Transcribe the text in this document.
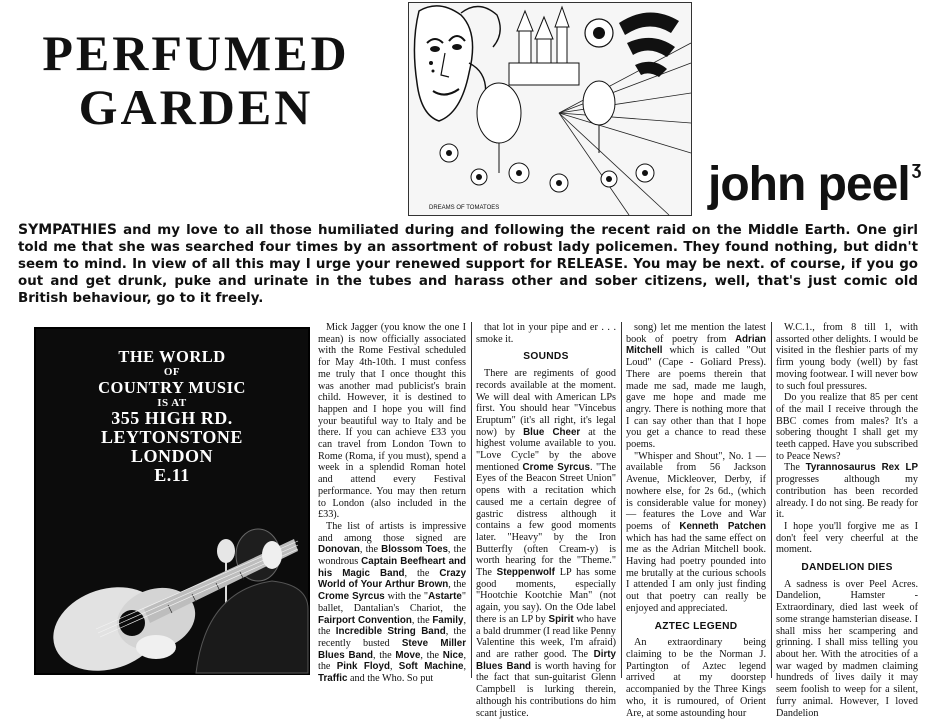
PERFUMED
GARDEN
DREAMS OF TOMATOES	john peel $^ʒ$
SYMPATHIES and my love to all those humiliated during and following the recent raid on the Middle Earth. One girl told me that she was searched four times by an assortment of robust lady policemen. They found nothing, but didn't seem to mind. In view of all this may I urge your renewed support for RELEASE. You may be next. of course, if you go out and get drunk, puke and urinate in the tubes and harass other and sober citizens, well, that's just comic old British behaviour, go to it freely.
THE WORLD
OF
COUNTRY MUSIC
IS AT
355 HIGH RD.
LEYTONSTONE
LONDON
E.11

Mick Jagger (you know the one I mean) is now officially associated with the Rome Festival scheduled for May 4th-10th. I must confess me truly that I once thought this was another mad publicist's brain child. However, it is destined to happen and I hope you will find your beautiful way to Italy and be there. If you can achieve £33 you can travel from London Town to Rome (Roma, if you must), spend a week in a splendid Roman hotel and attend every Festival performance. You may then return to London (also included in the £33).

The list of artists is impressive and among those signed are Donovan, the Blossom Toes, the wondrous Captain Beefheart and his Magic Band, the Crazy World of Your Arthur Brown, the Crome Syrcus with the "Astarte" ballet, Dantalian's Chariot, the Fairport Convention, the Family, the Incredible String Band, the recently busted Steve Miller Blues Band, the Move, the Nice, the Pink Floyd, Soft Machine, Traffic and the Who. So put

that lot in your pipe and er . . . smoke it.

SOUNDS

There are regiments of good records available at the moment. We will deal with American LPs first. You should hear "Vincebus Eruptum" (it's all right, it's legal now) by Blue Cheer at the highest volume available to you. "Love Cycle" by the above mentioned Crome Syrcus. "The Eyes of the Beacon Street Union" opens with a recitation which caused me a certain degree of gastric distress although it contains a few good moments later. "Heavy" by the Iron Butterfly (often Cream-y) is worth hearing for the "Theme." The Steppenwolf LP has some good moments, especially "Hootchie Kootchie Man" (not again, you say). On the Ode label there is an LP by Spirit who have a bald drummer (I read like Penny Valentine this week, I'm afraid) and are rather good. The Dirty Blues Band is worth having for the fact that sun-guitarist Glenn Campbell is lurking therein, although his contributions do him scant justice.

song) let me mention the latest book of poetry from Adrian Mitchell which is called "Out Loud" (Cape - Goliard Press). There are poems therein that made me sad, made me laugh, gave me hope and made me angry. There is nothing more that I can say other than that I hope you get a chance to read these poems.

"Whisper and Shout", No. 1 — available from 56 Jackson Avenue, Mickleover, Derby, if nowhere else, for 2s 6d., (which is considerable value for money) — features the Love and War poems of Kenneth Patchen which has had the same effect on me as the Adrian Mitchell book. Having had poetry pounded into me brutally at the curious schools I attended I am only just finding out that poetry can really be enjoyed and appreciated.

AZTEC LEGEND

An extraordinary being claiming to be the Norman J. Partington of Aztec legend arrived at my doorstep accompanied by the Three Kings who, it is rumoured, of Orient Are, at some astounding hour

W.C.1., from 8 till 1, with assorted other delights. I would be visited in the fleshier parts of my firm young body (well) by fast moving footwear. I will never bow to such foul pressures.

Do you realize that 85 per cent of the mail I receive through the BBC comes from males? It's a sobering thought I shall get my teeth capped. Have you subscribed to Peace News?

The Tyrannosaurus Rex LP progresses although my contribution has been recorded already. I do not sing. Be ready for it.

I hope you'll forgive me as I don't feel very cheerful at the moment.

DANDELION DIES

A sadness is over Peel Acres. Dandelion, Hamster - Extraordinary, died last week of some strange hamsterian disease. I shall miss her scampering and grinning. I shall miss telling you about her. With the atrocities of a war waged by madmen claiming hundreds of lives daily it may seem foolish to weep for a silent, furry animal. However, I loved Dandelion
